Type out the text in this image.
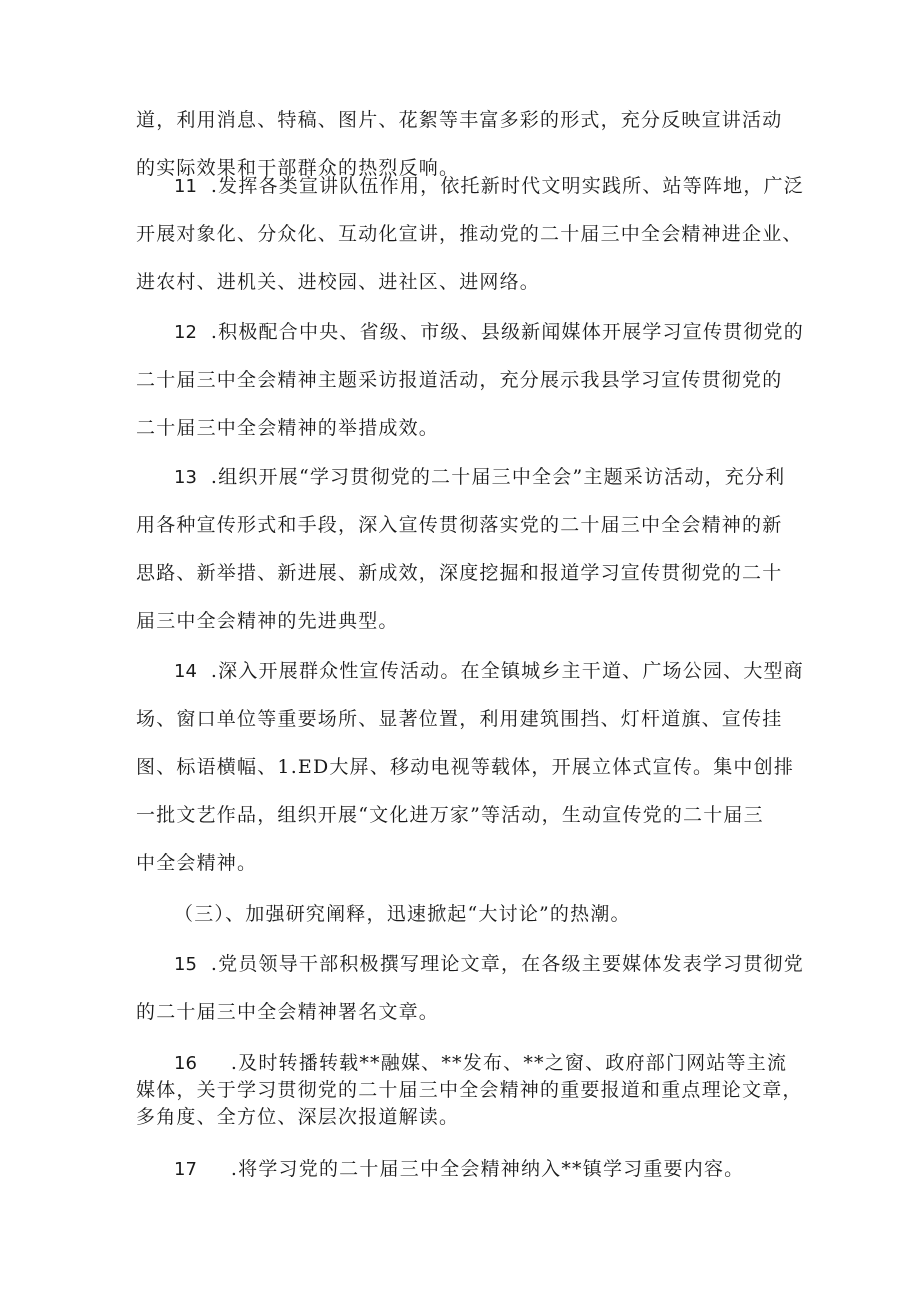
道，利用消息、特稿、图片、花絮等丰富多彩的形式，充分反映宣讲活动
的实际效果和干部群众的热烈反响。
11 .发挥各类宣讲队伍作用，依托新时代文明实践所、站等阵地，广泛
开展对象化、分众化、互动化宣讲，推动党的二十届三中全会精神进企业、
进农村、进机关、进校园、进社区、进网络。
12 .积极配合中央、省级、市级、县级新闻媒体开展学习宣传贯彻党的
二十届三中全会精神主题采访报道活动，充分展示我县学习宣传贯彻党的
二十届三中全会精神的举措成效。
13 .组织开展“学习贯彻党的二十届三中全会”主题采访活动，充分利
用各种宣传形式和手段，深入宣传贯彻落实党的二十届三中全会精神的新
思路、新举措、新进展、新成效，深度挖掘和报道学习宣传贯彻党的二十
届三中全会精神的先进典型。
14 .深入开展群众性宣传活动。在全镇城乡主干道、广场公园、大型商
场、窗口单位等重要场所、显著位置，利用建筑围挡、灯杆道旗、宣传挂
图、标语横幅、1.ED大屏、移动电视等载体，开展立体式宣传。集中创排
一批文艺作品，组织开展“文化进万家”等活动，生动宣传党的二十届三
中全会精神。
（三）、加强研究阐释，迅速掀起“大讨论”的热潮。
15 .党员领导干部积极撰写理论文章，在各级主要媒体发表学习贯彻党
的二十届三中全会精神署名文章。
16 .及时转播转载**融媒、**发布、**之窗、政府部门网站等主流
媒体，关于学习贯彻党的二十届三中全会精神的重要报道和重点理论文章，
多角度、全方位、深层次报道解读。
17 .将学习党的二十届三中全会精神纳入**镇学习重要内容。
